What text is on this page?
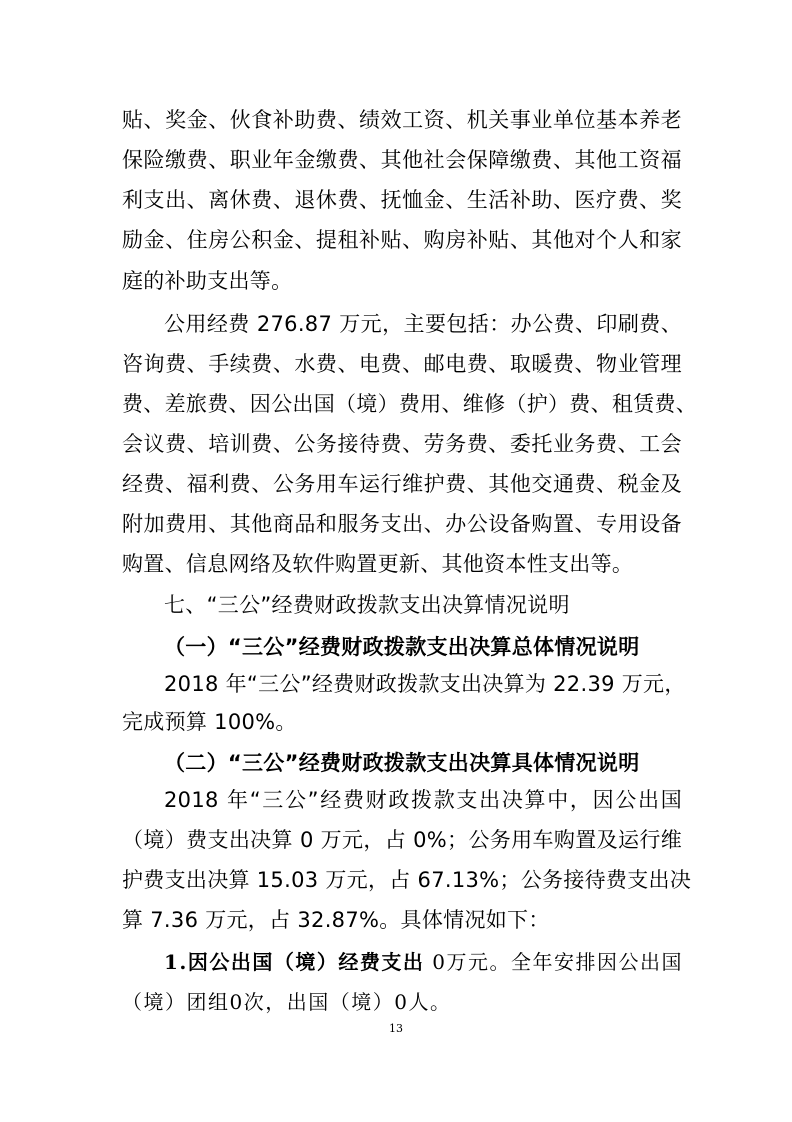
贴、奖金、伙食补助费、绩效工资、机关事业单位基本养老
保险缴费、职业年金缴费、其他社会保障缴费、其他工资福
利支出、离休费、退休费、抚恤金、生活补助、医疗费、奖
励金、住房公积金、提租补贴、购房补贴、其他对个人和家
庭的补助支出等。
公用经费 276.87 万元，主要包括：办公费、印刷费、
咨询费、手续费、水费、电费、邮电费、取暖费、物业管理
费、差旅费、因公出国（境）费用、维修（护）费、租赁费、
会议费、培训费、公务接待费、劳务费、委托业务费、工会
经费、福利费、公务用车运行维护费、其他交通费、税金及
附加费用、其他商品和服务支出、办公设备购置、专用设备
购置、信息网络及软件购置更新、其他资本性支出等。
七、“三公”经费财政拨款支出决算情况说明
（一）“三公”经费财政拨款支出决算总体情况说明
2018 年“三公”经费财政拨款支出决算为 22.39 万元，
完成预算 100%。
（二）“三公”经费财政拨款支出决算具体情况说明
2018 年“三公”经费财政拨款支出决算中，因公出国
（境）费支出决算 0 万元，占 0%；公务用车购置及运行维
护费支出决算 15.03 万元，占 67.13%；公务接待费支出决
算 7.36 万元，占 32.87%。具体情况如下：
1.因公出国（境）经费支出 0万元。全年安排因公出国
（境）团组0次，出国（境）0人。
13
